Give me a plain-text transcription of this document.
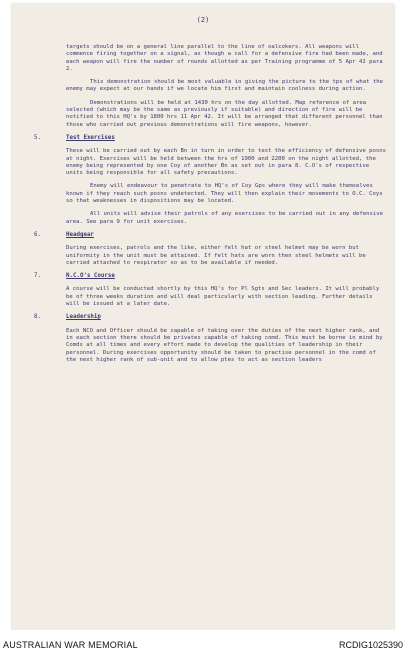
(2)

targets should be on a general line parallel to the line of oalcokers. All weapons will commence firing together on a signal, as though a call for a defensive fire had been made, and each weapon will fire the number of rounds allotted as per Training programme of 5 Apr 42 para 2.

This demonstration should be most valuable in giving the picture to the tps of what the enemy may expect at our hands if we locate him first and maintain coolness during action.

Demonstrations will be held at 1430 hrs on the day allotted. Map reference of area selected (which may be the same as previously if suitable) and direction of fire will be notified to this HQ's by 1800 hrs 11 Apr 42. It will be arranged that different personnel than those who carried out previous demonstrations will fire weapons, however.

5.	Test Exercises

These will be carried out by each Bn in turn in order to test the efficiency of defensive posns at night. Exercises will be held between the hrs of 1900 and 2200 on the night allotted, the enemy being represented by one Coy of another Bn as set out in para 8. C.O's of respective units being responsible for all safety precautions.

Enemy will endeavour to penetrate to HQ's of Coy Gps where they will make themselves known if they reach such posns undetected. They will then explain their movements to O.C. Coys so that weaknesses in dispositions may be located.

All units will advise their patrols of any exercises to be carried out in any defensive area. See para 9 for unit exercises.

6.	Headgear

During exercises, patrols and the like, either felt hat or steel helmet may be worn but uniformity in the unit must be attained. If felt hats are worn then steel helmets will be carried attached to respirator so as to be available if needed.

7.	N.C.O's Course

A course will be conducted shortly by this HQ's for Pl Sgts and Sec leaders. It will probably be of three weeks duration and will deal particularly with section leading. Further details will be issued at a later date.

8.	Leadership

Each NCO and Officer should be capable of taking over the duties of the next higher rank, and in each section there should be privates capable of taking comd. This must be borne in mind by Comds at all times and every effort made to develop the qualities of leadership in their personnel. During exercises opportunity should be taken to practise personnel in the comd of the next higher rank of sub-unit and to allow ptes to act as section leaders

AUSTRALIAN WAR MEMORIAL	RCDIG1025390
